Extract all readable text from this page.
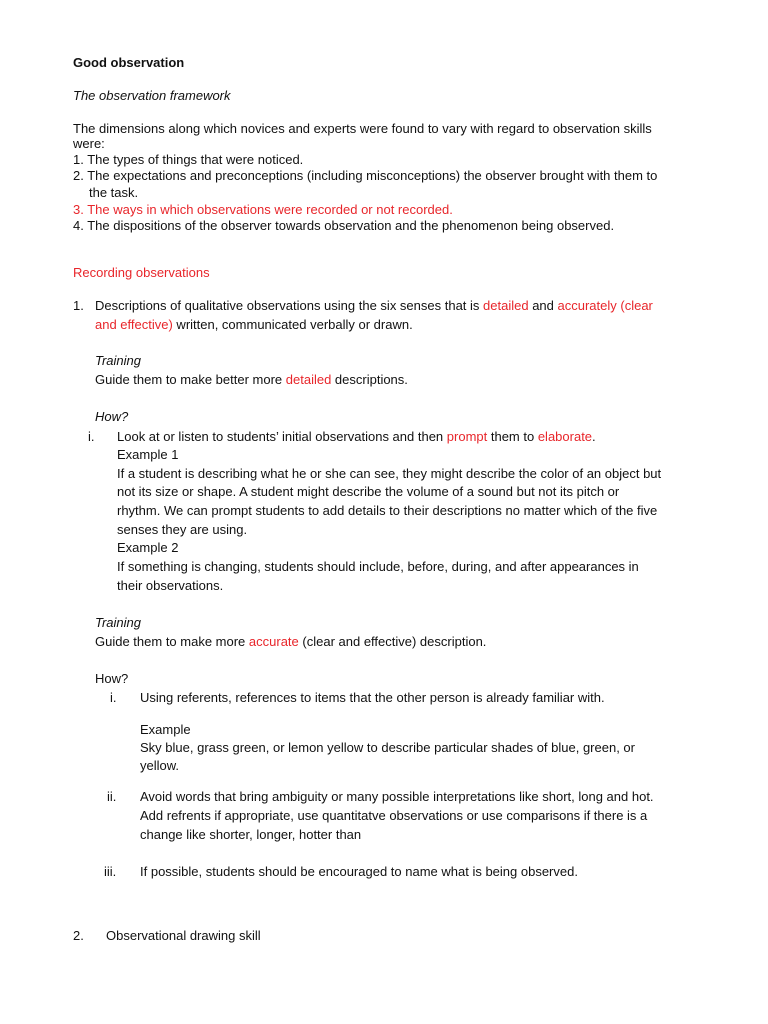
Good observation
The observation framework
The dimensions along which novices and experts were found to vary with regard to observation skills
were:
1. The types of things that were noticed.
2. The expectations and preconceptions (including misconceptions) the observer brought with them to
the task.
3. The ways in which observations were recorded or not recorded.
4. The dispositions of the observer towards observation and the phenomenon being observed.
Recording observations
1. Descriptions of qualitative observations using the six senses that is detailed and accurately (clear
and effective) written, communicated verbally or drawn.
Training
Guide them to make better more detailed descriptions.
How?
i. Look at or listen to students’ initial observations and then prompt them to elaborate.
Example 1
If a student is describing what he or she can see, they might describe the color of an object but
not its size or shape. A student might describe the volume of a sound but not its pitch or
rhythm. We can prompt students to add details to their descriptions no matter which of the five
senses they are using.
Example 2
If something is changing, students should include, before, during, and after appearances in
their observations.
Training
Guide them to make more accurate (clear and effective) description.
How?
i. Using referents, references to items that the other person is already familiar with.
Example
Sky blue, grass green, or lemon yellow to describe particular shades of blue, green, or
yellow.
ii. Avoid words that bring ambiguity or many possible interpretations like short, long and hot.
Add refrents if appropriate, use quantitatve observations or use comparisons if there is a
change like shorter, longer, hotter than
iii. If possible, students should be encouraged to name what is being observed.
2. Observational drawing skill
